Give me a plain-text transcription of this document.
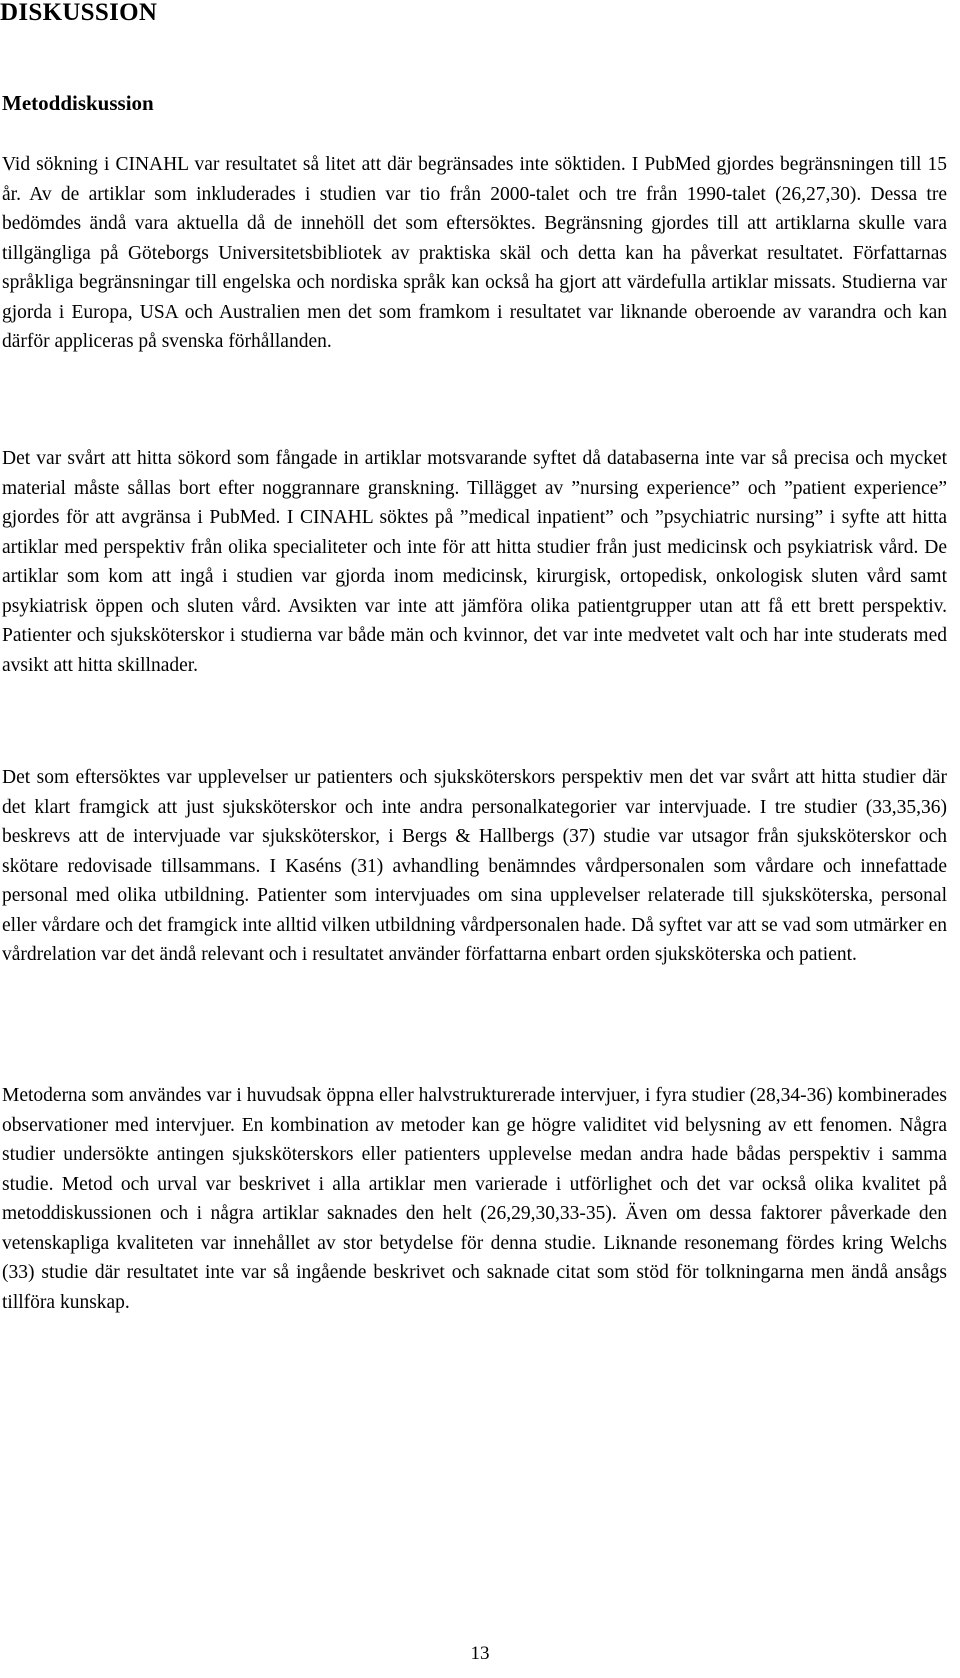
DISKUSSION
Metoddiskussion

Vid sökning i CINAHL var resultatet så litet att där begränsades inte söktiden. I PubMed gjordes begränsningen till 15 år. Av de artiklar som inkluderades i studien var tio från 2000-talet och tre från 1990-talet (26,27,30). Dessa tre bedömdes ändå vara aktuella då de innehöll det som eftersöktes. Begränsning gjordes till att artiklarna skulle vara tillgängliga på Göteborgs Universitetsbibliotek av praktiska skäl och detta kan ha påverkat resultatet. Författarnas språkliga begränsningar till engelska och nordiska språk kan också ha gjort att värdefulla artiklar missats. Studierna var gjorda i Europa, USA och Australien men det som framkom i resultatet var liknande oberoende av varandra och kan därför appliceras på svenska förhållanden.

Det var svårt att hitta sökord som fångade in artiklar motsvarande syftet då databaserna inte var så precisa och mycket material måste sållas bort efter noggrannare granskning. Tillägget av ”nursing experience” och ”patient experience” gjordes för att avgränsa i PubMed. I CINAHL söktes på ”medical inpatient” och ”psychiatric nursing” i syfte att hitta artiklar med perspektiv från olika specialiteter och inte för att hitta studier från just medicinsk och psykiatrisk vård. De artiklar som kom att ingå i studien var gjorda inom medicinsk, kirurgisk, ortopedisk, onkologisk sluten vård samt psykiatrisk öppen och sluten vård. Avsikten var inte att jämföra olika patientgrupper utan att få ett brett perspektiv. Patienter och sjuksköterskor i studierna var både män och kvinnor, det var inte medvetet valt och har inte studerats med avsikt att hitta skillnader.

Det som eftersöktes var upplevelser ur patienters och sjuksköterskors perspektiv men det var svårt att hitta studier där det klart framgick att just sjuksköterskor och inte andra personalkategorier var intervjuade. I tre studier (33,35,36) beskrevs att de intervjuade var sjuksköterskor, i Bergs & Hallbergs (37) studie var utsagor från sjuksköterskor och skötare redovisade tillsammans. I Kaséns (31) avhandling benämndes vårdpersonalen som vårdare och innefattade personal med olika utbildning. Patienter som intervjuades om sina upplevelser relaterade till sjuksköterska, personal eller vårdare och det framgick inte alltid vilken utbildning vårdpersonalen hade. Då syftet var att se vad som utmärker en vårdrelation var det ändå relevant och i resultatet använder författarna enbart orden sjuksköterska och patient.

Metoderna som användes var i huvudsak öppna eller halvstrukturerade intervjuer, i fyra studier (28,34-36) kombinerades observationer med intervjuer. En kombination av metoder kan ge högre validitet vid belysning av ett fenomen. Några studier undersökte antingen sjuksköterskors eller patienters upplevelse medan andra hade bådas perspektiv i samma studie. Metod och urval var beskrivet i alla artiklar men varierade i utförlighet och det var också olika kvalitet på metoddiskussionen och i några artiklar saknades den helt (26,29,30,33-35). Även om dessa faktorer påverkade den vetenskapliga kvaliteten var innehållet av stor betydelse för denna studie. Liknande resonemang fördes kring Welchs (33) studie där resultatet inte var så ingående beskrivet och saknade citat som stöd för tolkningarna men ändå ansågs tillföra kunskap.

13
